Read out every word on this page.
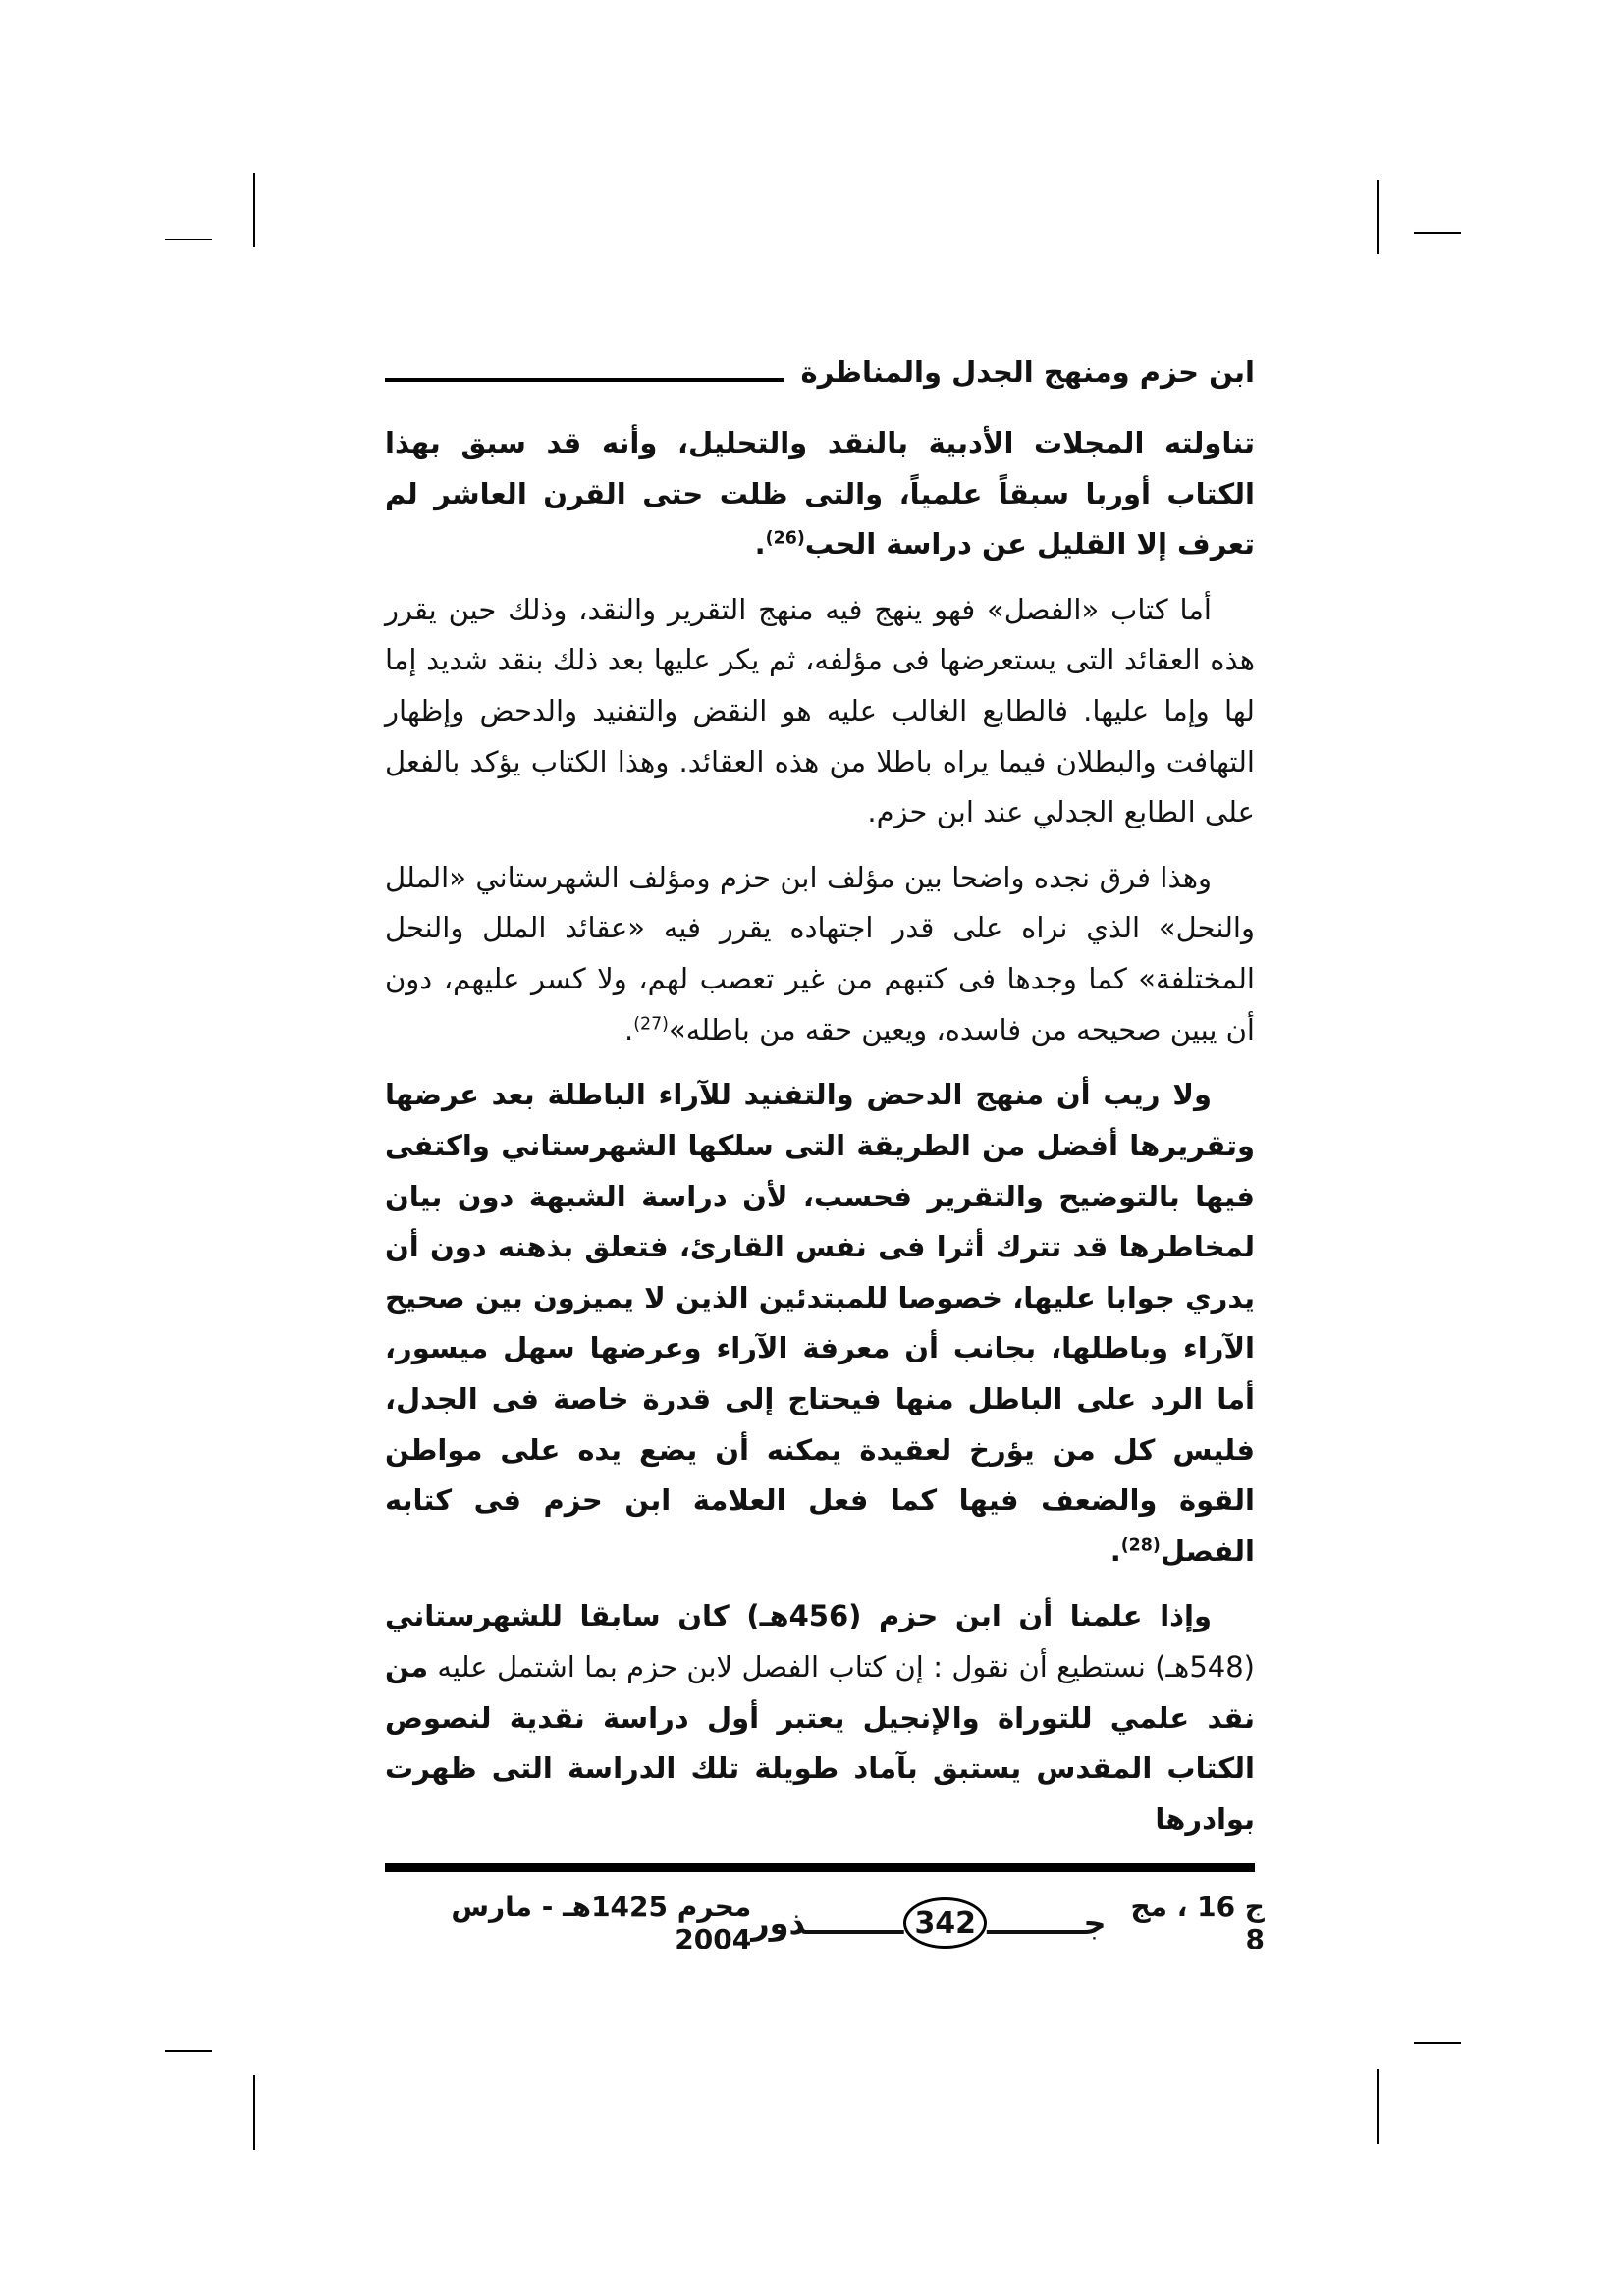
ابن حزم ومنهج الجدل والمناظرة

تناولته المجلات الأدبية بالنقد والتحليل، وأنه قد سبق بهذا الكتاب أوربا سبقاً علمياً، والتى ظلت حتى القرن العاشر لم تعرف إلا القليل عن دراسة الحب$^{(26)}$.

أما كتاب «الفصل» فهو ينهج فيه منهج التقرير والنقد، وذلك حين يقرر هذه العقائد التى يستعرضها فى مؤلفه، ثم يكر عليها بعد ذلك بنقد شديد إما لها وإما عليها. فالطابع الغالب عليه هو النقض والتفنيد والدحض وإظهار التهافت والبطلان فيما يراه باطلا من هذه العقائد. وهذا الكتاب يؤكد بالفعل على الطابع الجدلي عند ابن حزم.

وهذا فرق نجده واضحا بين مؤلف ابن حزم ومؤلف الشهرستاني «الملل والنحل» الذي نراه على قدر اجتهاده يقرر فيه «عقائد الملل والنحل المختلفة» كما وجدها فى كتبهم من غير تعصب لهم، ولا كسر عليهم، دون أن يبين صحيحه من فاسده، ويعين حقه من باطله»$^{(27)}$.

ولا ريب أن منهج الدحض والتفنيد للآراء الباطلة بعد عرضها وتقريرها أفضل من الطريقة التى سلكها الشهرستاني واكتفى فيها بالتوضيح والتقرير فحسب، لأن دراسة الشبهة دون بيان لمخاطرها قد تترك أثرا فى نفس القارئ، فتعلق بذهنه دون أن يدري جوابا عليها، خصوصا للمبتدئين الذين لا يميزون بين صحيح الآراء وباطلها، بجانب أن معرفة الآراء وعرضها سهل ميسور، أما الرد على الباطل منها فيحتاج إلى قدرة خاصة فى الجدل، فليس كل من يؤرخ لعقيدة يمكنه أن يضع يده على مواطن القوة والضعف فيها كما فعل العلامة ابن حزم فى كتابه الفصل$^{(28)}$.

وإذا علمنا أن ابن حزم (456هـ) كان سابقا للشهرستاني (548هـ) نستطيع أن نقول : إن كتاب الفصل لابن حزم بما اشتمل عليه من نقد علمي للتوراة والإنجيل يعتبر أول دراسة نقدية لنصوص الكتاب المقدس يستبق بآماد طويلة تلك الدراسة التى ظهرت بوادرها

ج 16 ، مج 8
جـــــــــ
342
ـــــــــذور
محرم 1425هـ - مارس 2004
